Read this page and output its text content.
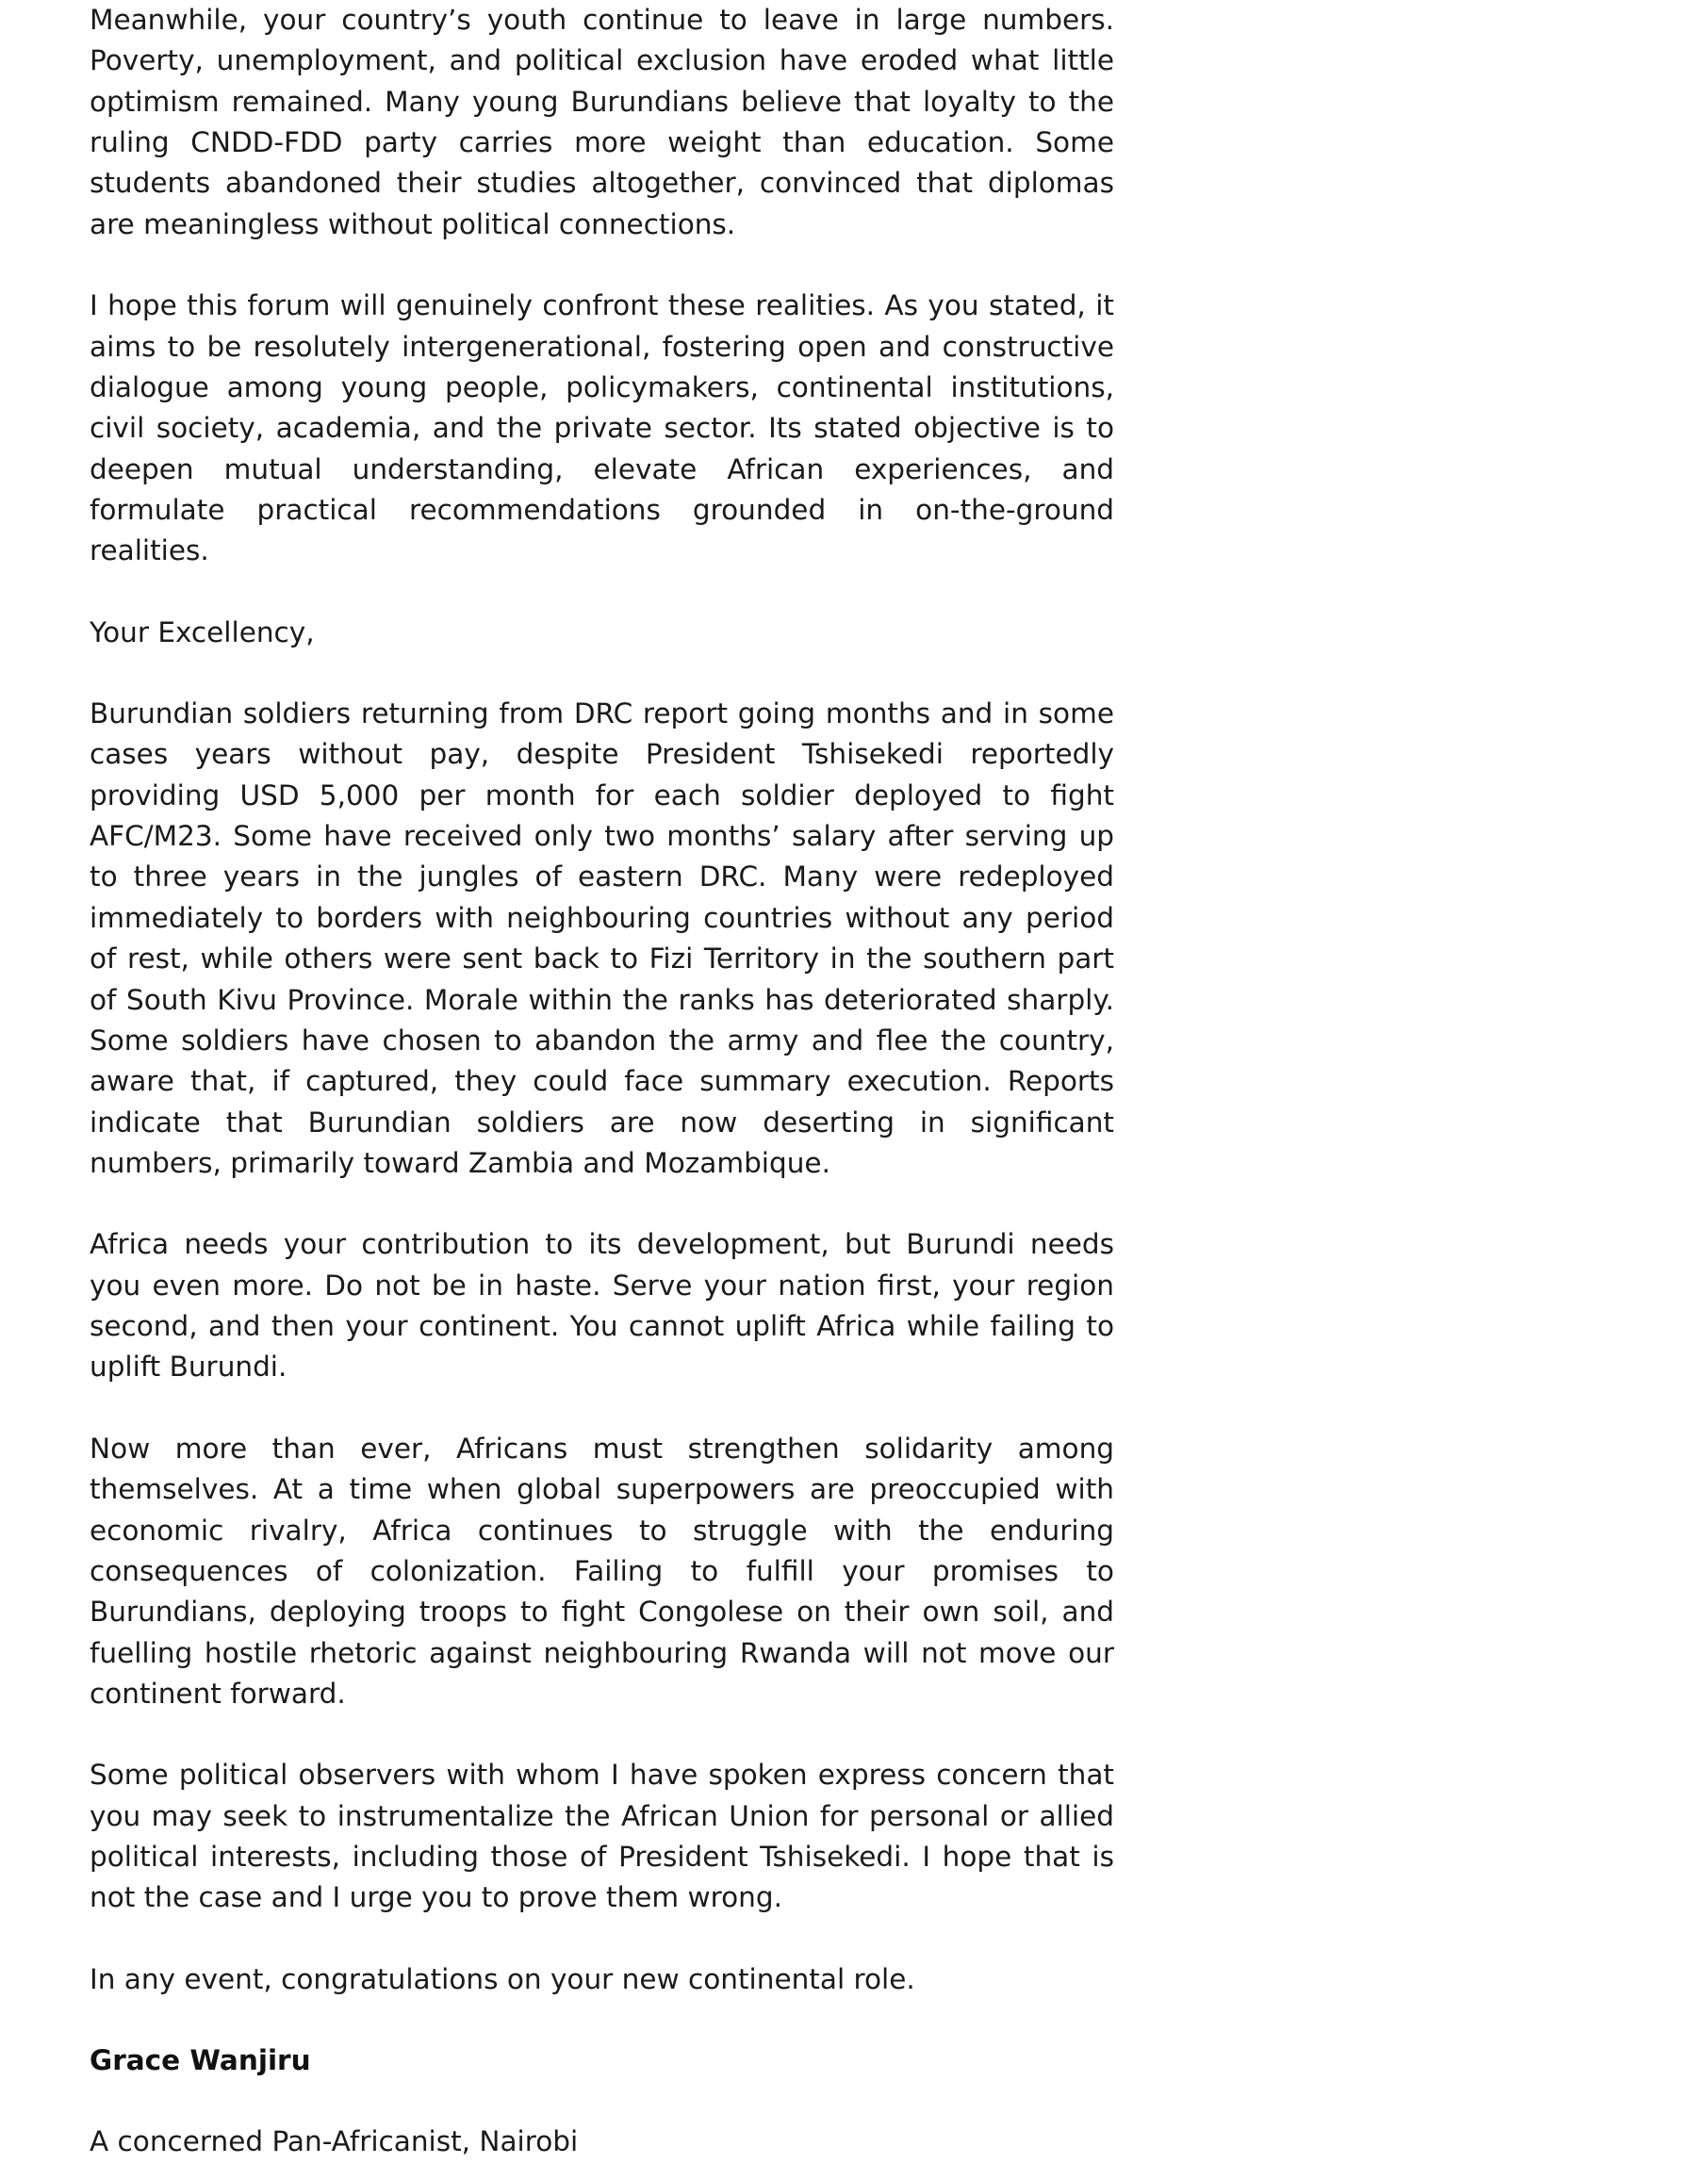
Meanwhile, your country’s youth continue to leave in large numbers. Poverty, unemployment, and political exclusion have eroded what little optimism remained. Many young Burundians believe that loyalty to the ruling CNDD-FDD party carries more weight than education. Some students abandoned their studies altogether, convinced that diplomas are meaningless without political connections.

I hope this forum will genuinely confront these realities. As you stated, it aims to be resolutely intergenerational, fostering open and constructive dialogue among young people, policymakers, continental institutions, civil society, academia, and the private sector. Its stated objective is to deepen mutual understanding, elevate African experiences, and formulate practical recommendations grounded in on-the-ground realities.

Your Excellency,

Burundian soldiers returning from DRC report going months and in some cases years without pay, despite President Tshisekedi reportedly providing USD 5,000 per month for each soldier deployed to fight AFC/M23. Some have received only two months’ salary after serving up to three years in the jungles of eastern DRC. Many were redeployed immediately to borders with neighbouring countries without any period of rest, while others were sent back to Fizi Territory in the southern part of South Kivu Province. Morale within the ranks has deteriorated sharply. Some soldiers have chosen to abandon the army and flee the country, aware that, if captured, they could face summary execution. Reports indicate that Burundian soldiers are now deserting in significant numbers, primarily toward Zambia and Mozambique.

Africa needs your contribution to its development, but Burundi needs you even more. Do not be in haste. Serve your nation first, your region second, and then your continent. You cannot uplift Africa while failing to uplift Burundi.

Now more than ever, Africans must strengthen solidarity among themselves. At a time when global superpowers are preoccupied with economic rivalry, Africa continues to struggle with the enduring consequences of colonization. Failing to fulfill your promises to Burundians, deploying troops to fight Congolese on their own soil, and fuelling hostile rhetoric against neighbouring Rwanda will not move our continent forward.

Some political observers with whom I have spoken express concern that you may seek to instrumentalize the African Union for personal or allied political interests, including those of President Tshisekedi. I hope that is not the case and I urge you to prove them wrong.

In any event, congratulations on your new continental role.

Grace Wanjiru

A concerned Pan-Africanist, Nairobi
